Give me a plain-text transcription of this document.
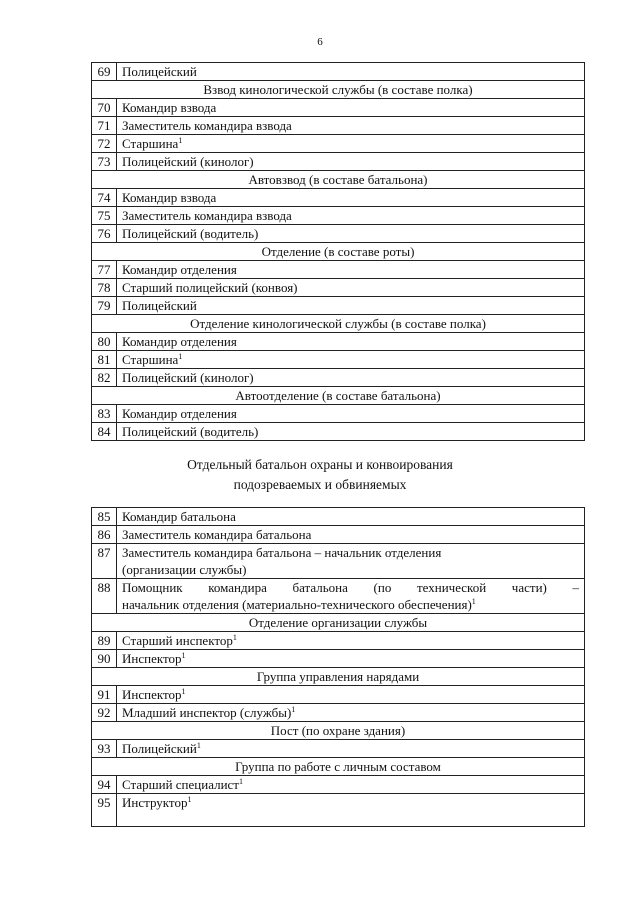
6
69	Полицейский
Взвод кинологической службы (в составе полка)	
70	Командир взвода
71	Заместитель командира взвода
72	Старшина$^1$
73	Полицейский (кинолог)
Автовзвод (в составе батальона)	
74	Командир взвода
75	Заместитель командира взвода
76	Полицейский (водитель)
Отделение (в составе роты)	
77	Командир отделения
78	Старший полицейский (конвоя)
79	Полицейский
Отделение кинологической службы (в составе полка)	
80	Командир отделения
81	Старшина$^1$
82	Полицейский (кинолог)
Автоотделение (в составе батальона)	
83	Командир отделения
84	Полицейский (водитель)
Отдельный батальон охраны и конвоирования
подозреваемых и обвиняемых
85	Командир батальона
86	Заместитель командира батальона
87	Заместитель командира батальона – начальник отделения
(организации службы)

88	Помощник командира батальона (по технической части) –
начальник отделения (материально-технического обеспечения)$^1$

Отделение организации службы	
89	Старший инспектор$^1$
90	Инспектор$^1$
Группа управления нарядами	
91	Инспектор$^1$
92	Младший инспектор (службы)$^1$
Пост (по охране здания)	
93	Полицейский$^1$
Группа по работе с личным составом	
94	Старший специалист$^1$
95	Инструктор$^1$
